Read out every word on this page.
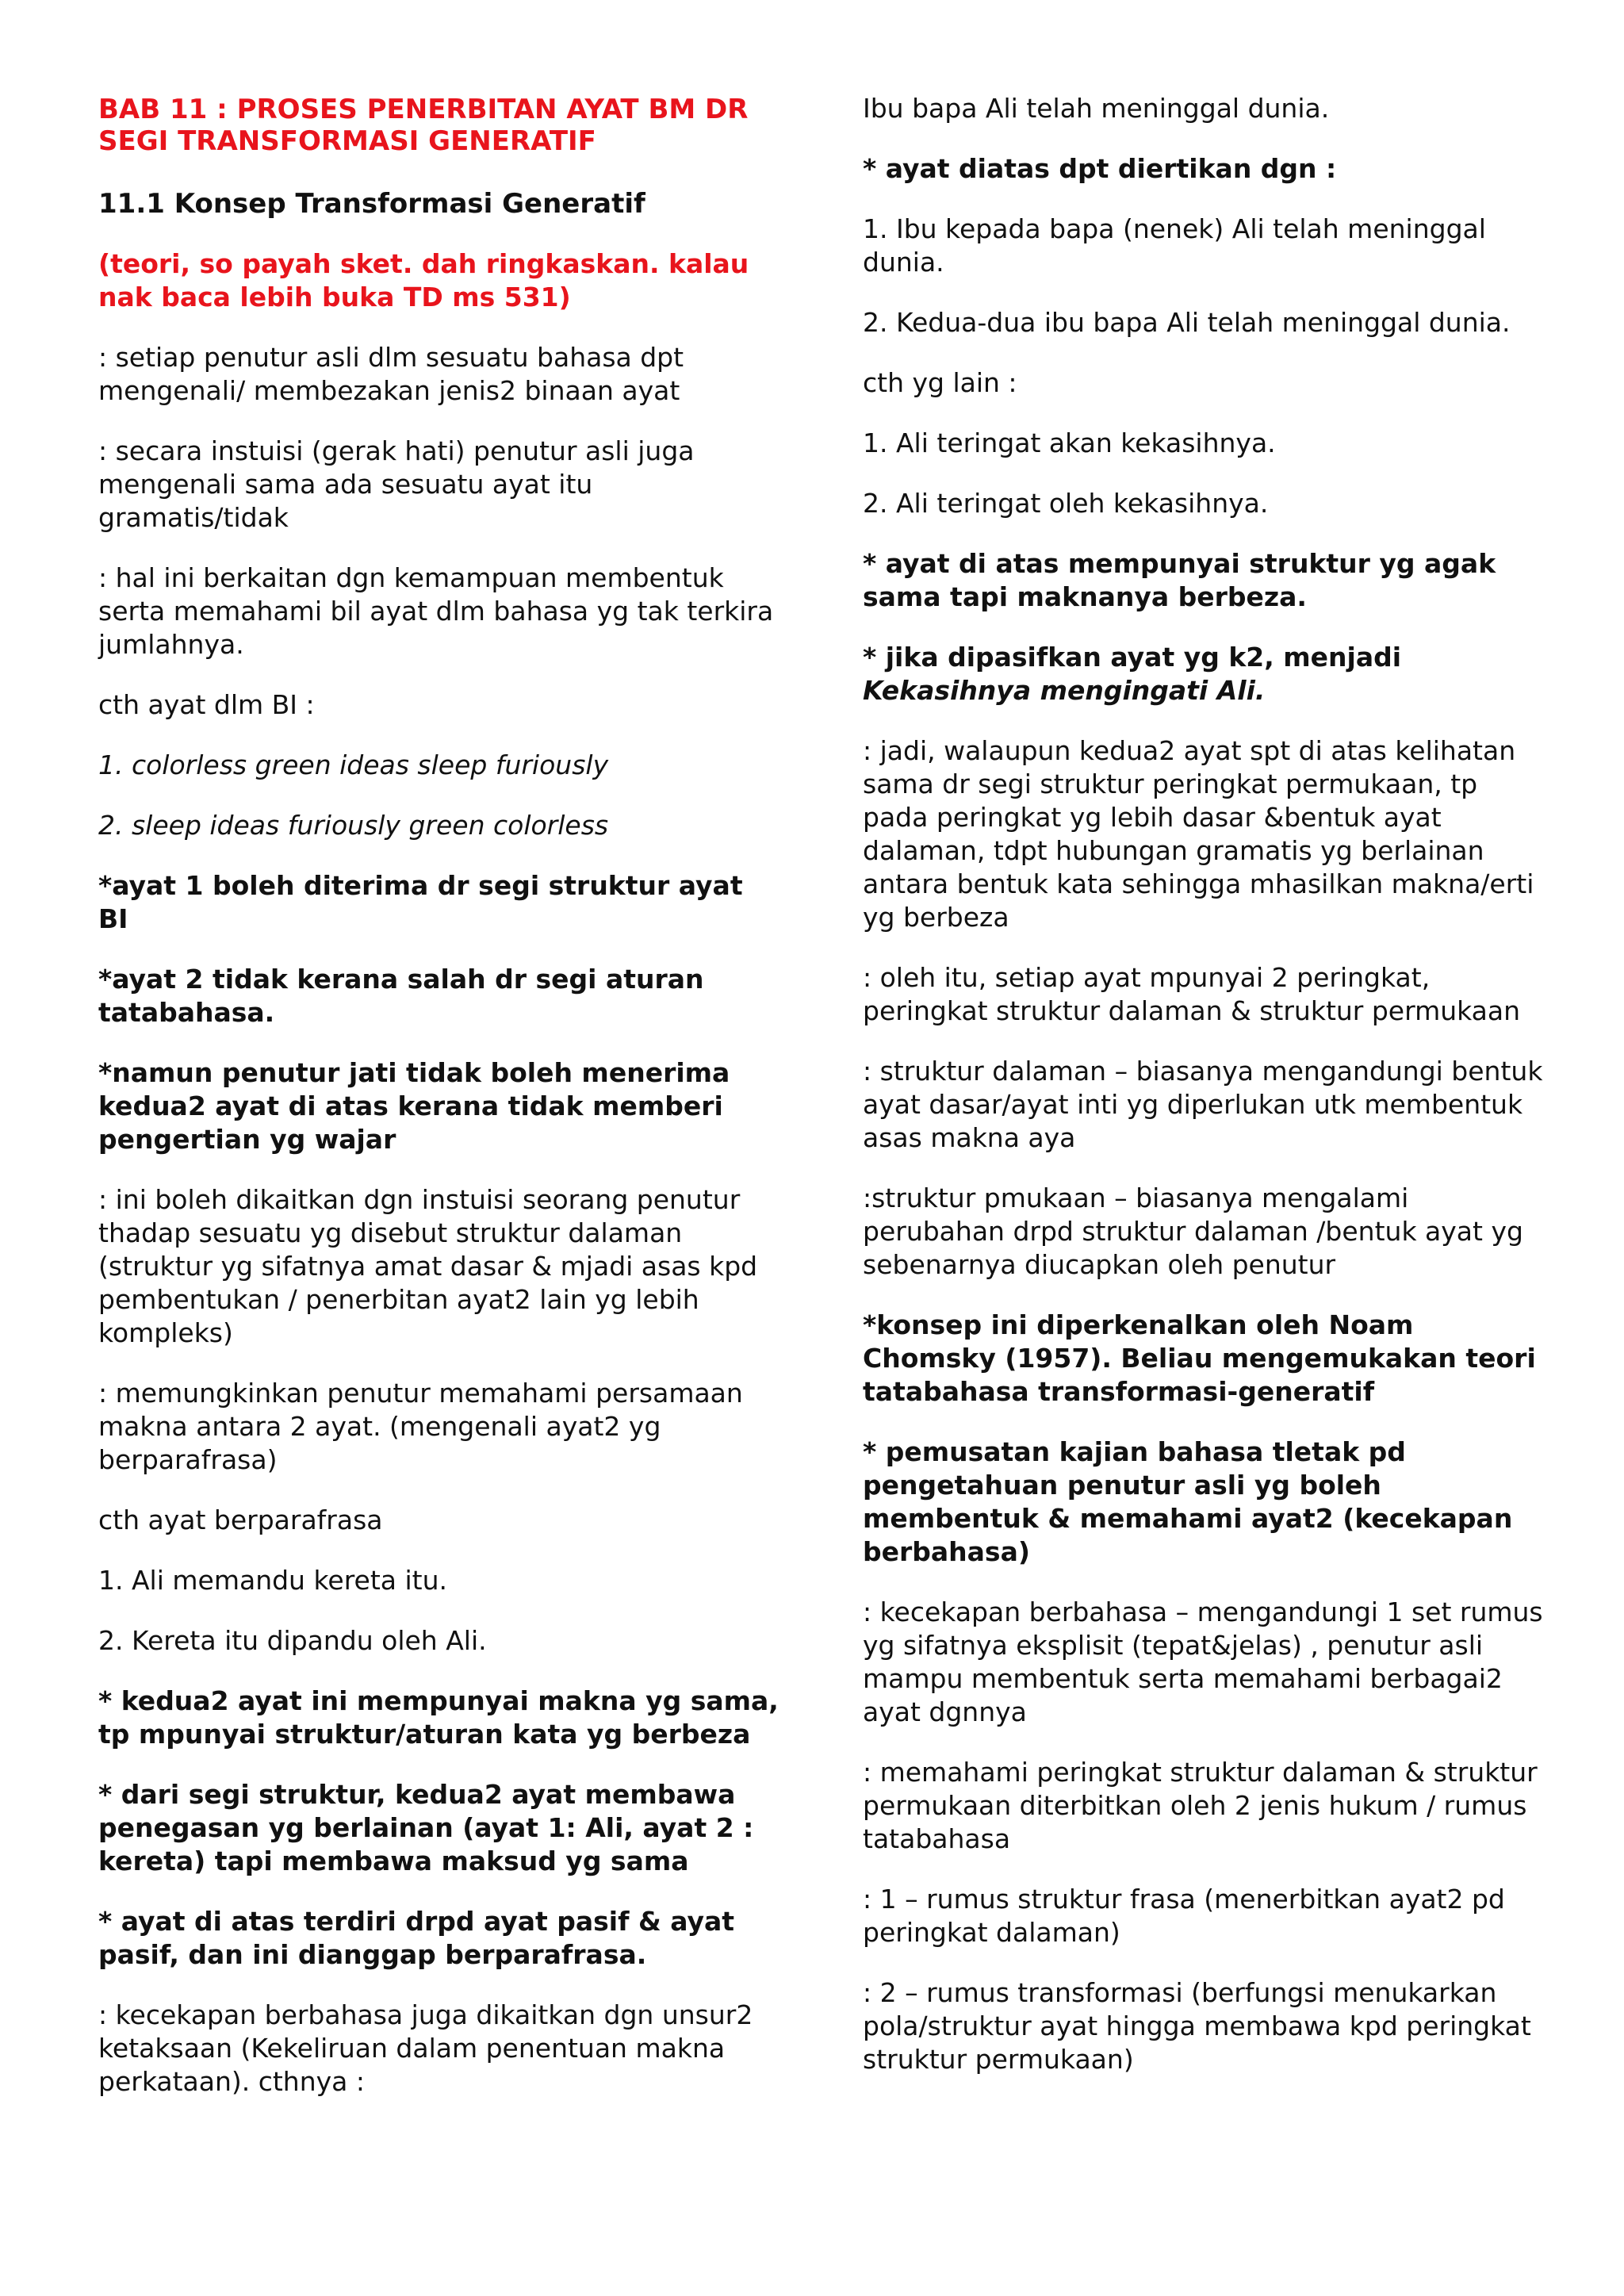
BAB 11 : PROSES PENERBITAN AYAT BM DR SEGI TRANSFORMASI GENERATIF
11.1 Konsep Transformasi Generatif
(teori, so payah sket. dah ringkaskan. kalau nak baca lebih buka TD ms 531)
: setiap penutur asli dlm sesuatu bahasa dpt mengenali/ membezakan jenis2 binaan ayat
: secara instuisi (gerak hati) penutur asli juga mengenali sama ada sesuatu ayat itu gramatis/tidak
: hal ini berkaitan dgn kemampuan membentuk serta memahami bil ayat dlm bahasa yg tak terkira jumlahnya.
cth ayat dlm BI :
1. colorless green ideas sleep furiously
2. sleep ideas furiously green colorless
*ayat 1 boleh diterima dr segi struktur ayat BI
*ayat 2 tidak kerana salah dr segi aturan tatabahasa.
*namun penutur jati tidak boleh menerima kedua2 ayat di atas kerana tidak memberi pengertian yg wajar
: ini boleh dikaitkan dgn instuisi seorang penutur thadap sesuatu yg disebut struktur dalaman (struktur yg sifatnya amat dasar & mjadi asas kpd pembentukan / penerbitan ayat2 lain yg lebih kompleks)
: memungkinkan penutur memahami persamaan makna antara 2 ayat. (mengenali ayat2 yg berparafrasa)
cth ayat berparafrasa
1. Ali memandu kereta itu.
2. Kereta itu dipandu oleh Ali.
* kedua2 ayat ini mempunyai makna yg sama, tp mpunyai struktur/aturan kata yg berbeza
* dari segi struktur, kedua2 ayat membawa penegasan yg berlainan (ayat 1: Ali, ayat 2 : kereta) tapi membawa maksud yg sama
* ayat di atas terdiri drpd ayat pasif & ayat pasif, dan ini dianggap berparafrasa.
: kecekapan berbahasa juga dikaitkan dgn unsur2 ketaksaan (Kekeliruan dalam penentuan makna perkataan). cthnya :
Ibu bapa Ali telah meninggal dunia.
* ayat diatas dpt diertikan dgn :
1. Ibu kepada bapa (nenek) Ali telah meninggal dunia.
2. Kedua-dua ibu bapa Ali telah meninggal dunia.
cth yg lain :
1. Ali teringat akan kekasihnya.
2. Ali teringat oleh kekasihnya.
* ayat di atas mempunyai struktur yg agak sama tapi maknanya berbeza.
* jika dipasifkan ayat yg k2, menjadi
Kekasihnya mengingati Ali.
: jadi, walaupun kedua2 ayat spt di atas kelihatan sama dr segi struktur peringkat permukaan, tp pada peringkat yg lebih dasar &bentuk ayat dalaman, tdpt hubungan gramatis yg berlainan antara bentuk kata sehingga mhasilkan makna/erti yg berbeza
: oleh itu, setiap ayat mpunyai 2 peringkat, peringkat struktur dalaman & struktur permukaan
: struktur dalaman – biasanya mengandungi bentuk ayat dasar/ayat inti yg diperlukan utk membentuk asas makna aya
:struktur pmukaan – biasanya mengalami perubahan drpd struktur dalaman /bentuk ayat yg sebenarnya diucapkan oleh penutur
*konsep ini diperkenalkan oleh Noam Chomsky (1957). Beliau mengemukakan teori tatabahasa transformasi-generatif
* pemusatan kajian bahasa tletak pd pengetahuan penutur asli yg boleh membentuk & memahami ayat2 (kecekapan berbahasa)
: kecekapan berbahasa – mengandungi 1 set rumus yg sifatnya eksplisit (tepat&jelas) , penutur asli mampu membentuk serta memahami berbagai2 ayat dgnnya
: memahami peringkat struktur dalaman & struktur permukaan diterbitkan oleh 2 jenis hukum / rumus tatabahasa
: 1 – rumus struktur frasa (menerbitkan ayat2 pd peringkat dalaman)
: 2 – rumus transformasi (berfungsi menukarkan pola/struktur ayat hingga membawa kpd peringkat struktur permukaan)
